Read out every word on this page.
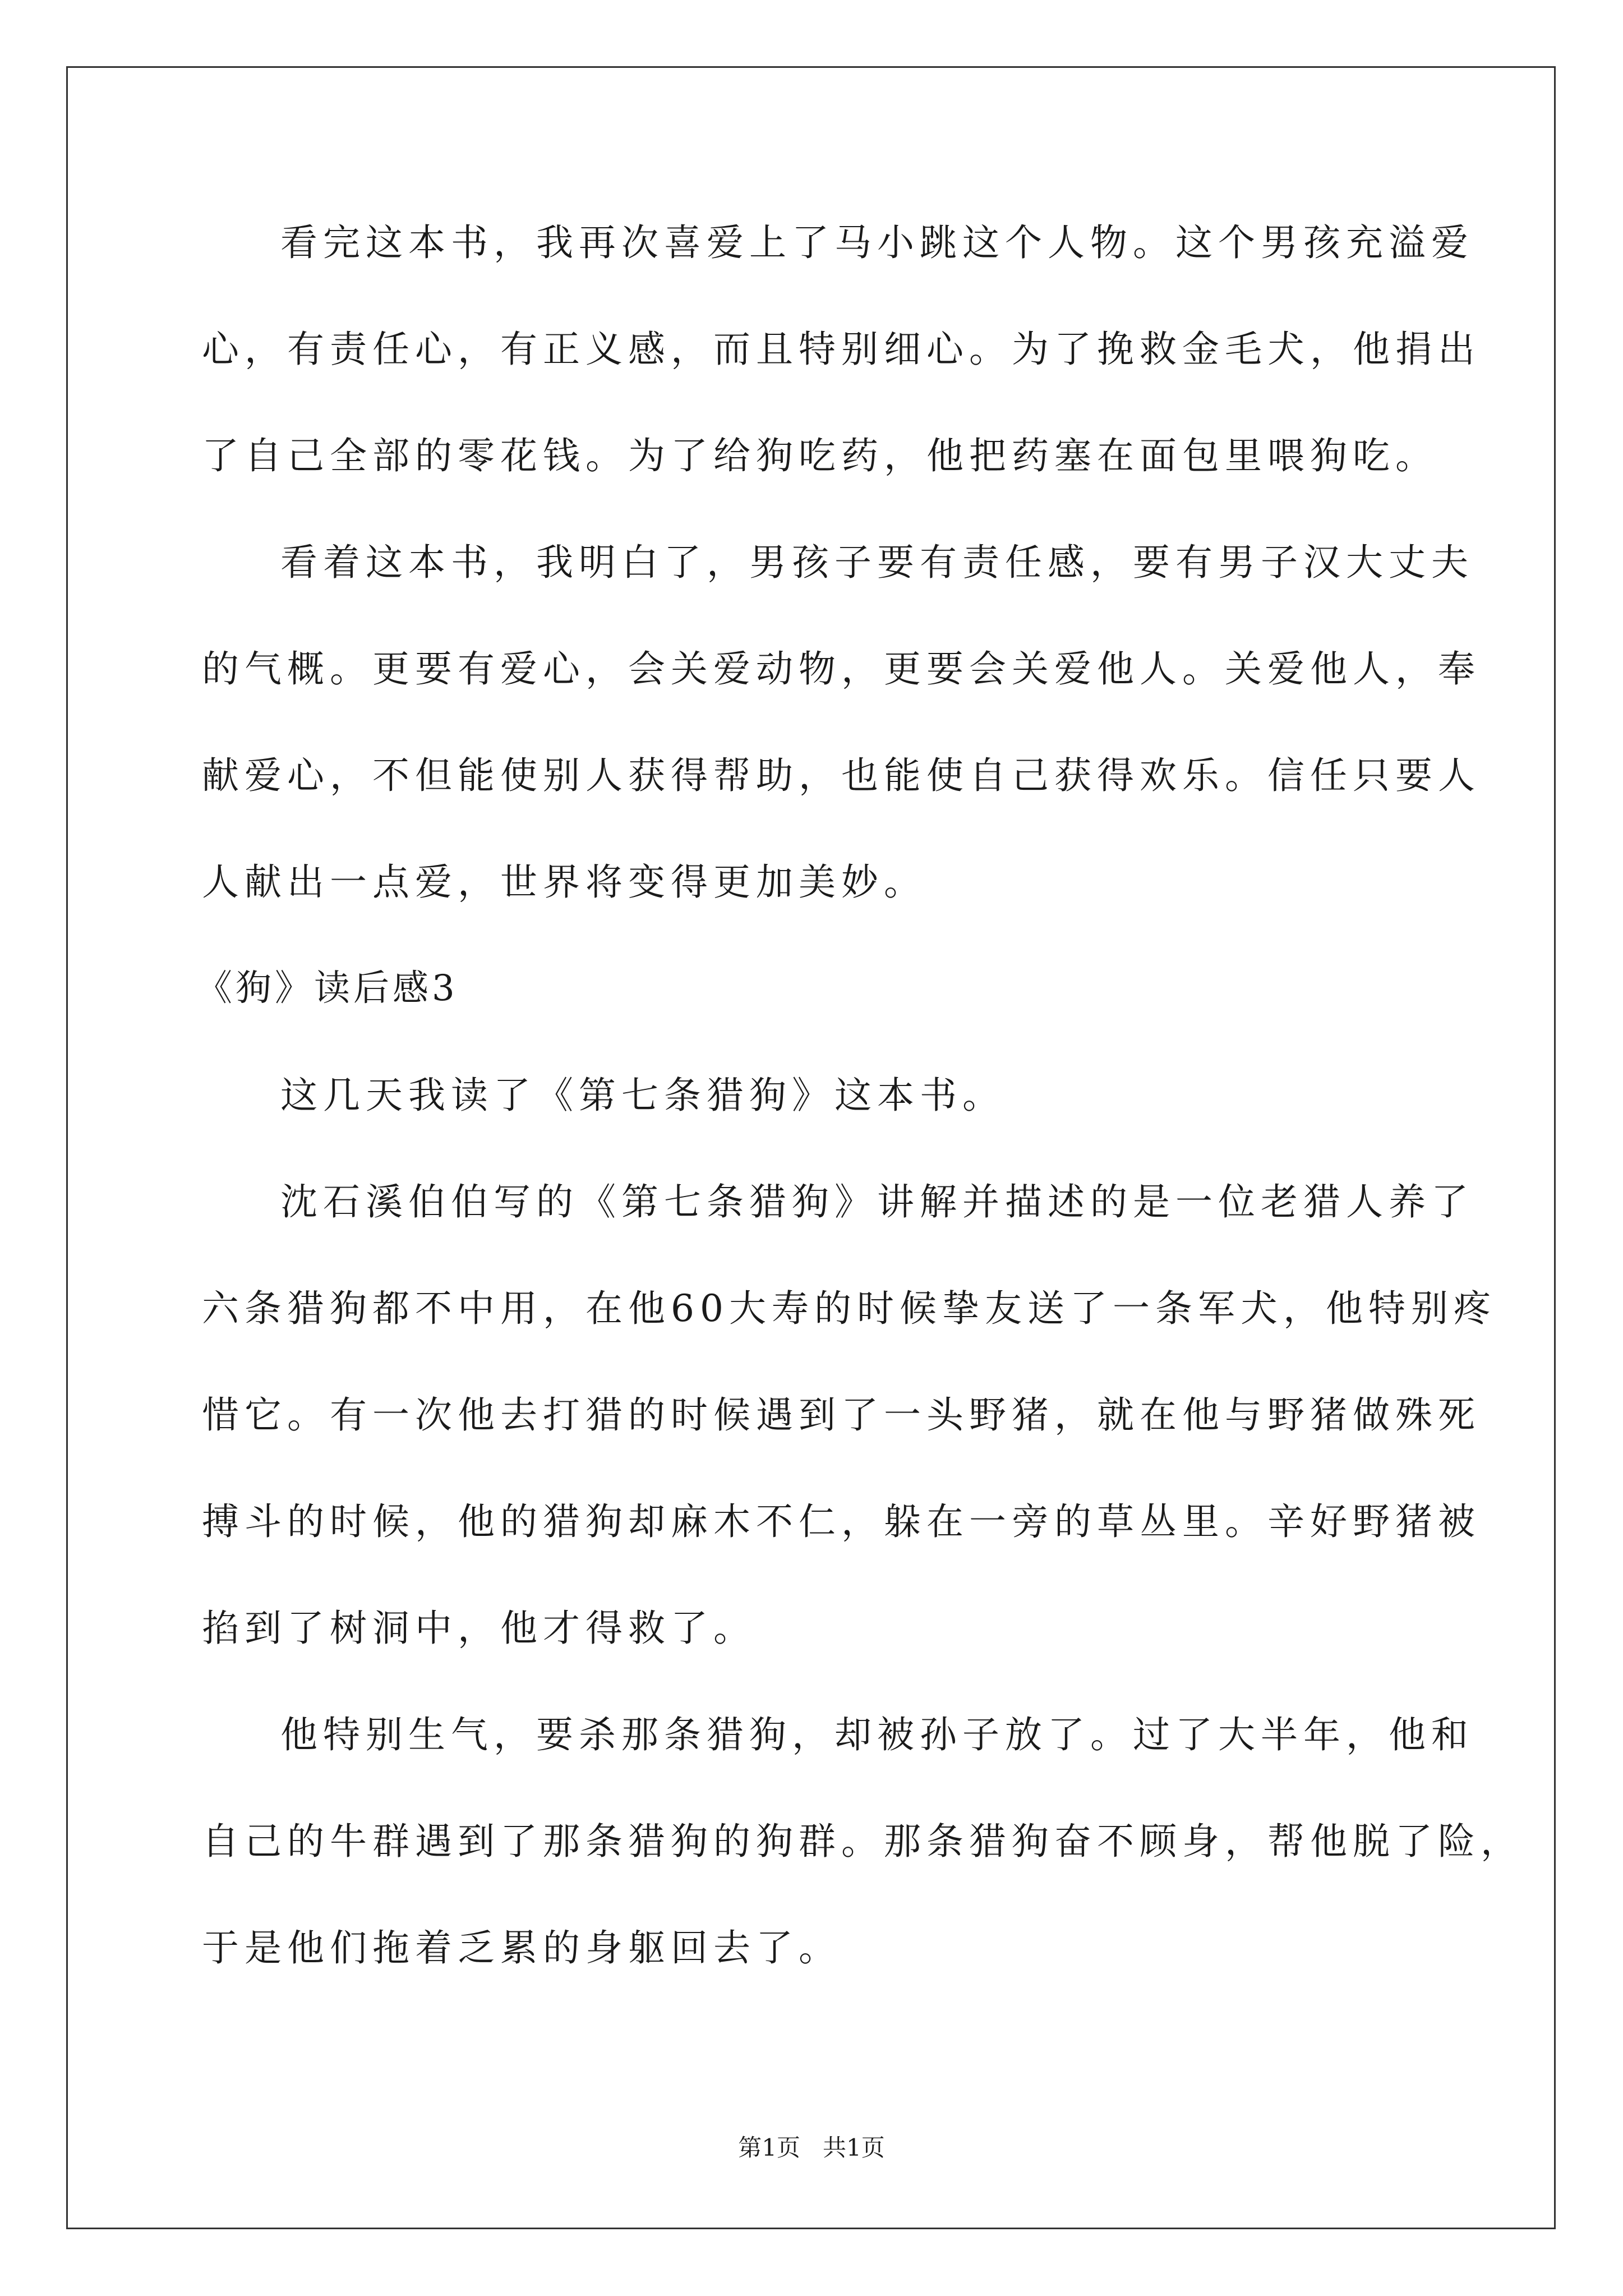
看完这本书，我再次喜爱上了马小跳这个人物。这个男孩充溢爱
心，有责任心，有正义感，而且特别细心。为了挽救金毛犬，他捐出
了自己全部的零花钱。为了给狗吃药，他把药塞在面包里喂狗吃。
看着这本书，我明白了，男孩子要有责任感，要有男子汉大丈夫
的气概。更要有爱心，会关爱动物，更要会关爱他人。关爱他人，奉
献爱心，不但能使别人获得帮助，也能使自己获得欢乐。信任只要人
人献出一点爱，世界将变得更加美妙。
《狗》读后感3
这几天我读了《第七条猎狗》这本书。
沈石溪伯伯写的《第七条猎狗》讲解并描述的是一位老猎人养了
六条猎狗都不中用，在他60大寿的时候挚友送了一条军犬，他特别疼
惜它。有一次他去打猎的时候遇到了一头野猪，就在他与野猪做殊死
搏斗的时候，他的猎狗却麻木不仁，躲在一旁的草丛里。辛好野猪被
掐到了树洞中，他才得救了。
他特别生气，要杀那条猎狗，却被孙子放了。过了大半年，他和
自己的牛群遇到了那条猎狗的狗群。那条猎狗奋不顾身，帮他脱了险，
于是他们拖着乏累的身躯回去了。
第1页   共1页
